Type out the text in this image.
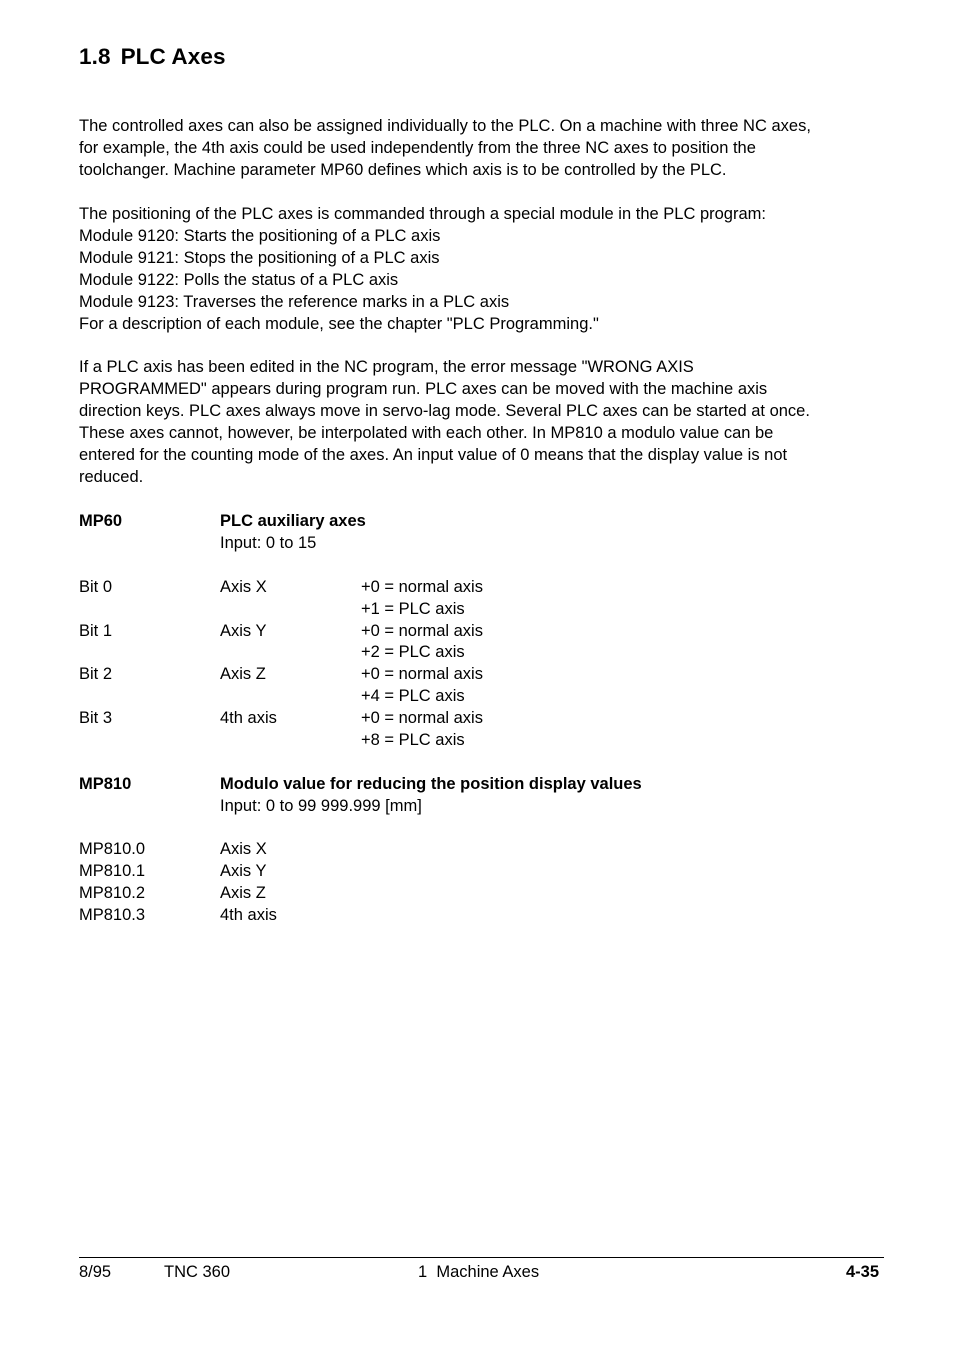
1.8 PLC Axes
The controlled axes can also be assigned individually to the PLC. On a machine with three NC axes,
for example, the 4th axis could be used independently from the three NC axes to position the
toolchanger. Machine parameter MP60 defines which axis is to be controlled by the PLC.
The positioning of the PLC axes is commanded through a special module in the PLC program:
Module 9120: Starts the positioning of a PLC axis
Module 9121: Stops the positioning of a PLC axis
Module 9122: Polls the status of a PLC axis
Module 9123: Traverses the reference marks in a PLC axis
For a description of each module, see the chapter "PLC Programming."
If a PLC axis has been edited in the NC program, the error message "WRONG AXIS
PROGRAMMED" appears during program run. PLC axes can be moved with the machine axis
direction keys. PLC axes always move in servo-lag mode. Several PLC axes can be started at once.
These axes cannot, however, be interpolated with each other. In MP810 a modulo value can be
entered for the counting mode of the axes. An input value of 0 means that the display value is not
reduced.
MP60	PLC auxiliary axes
Input: 0 to 15
Bit 0	Axis X	+0 = normal axis
+1 = PLC axis
Bit 1	Axis Y	+0 = normal axis
+2 = PLC axis
Bit 2	Axis Z	+0 = normal axis
+4 = PLC axis
Bit 3	4th axis	+0 = normal axis
+8 = PLC axis
MP810	Modulo value for reducing the position display values
Input: 0 to 99 999.999 [mm]
MP810.0	Axis X
MP810.1	Axis Y
MP810.2	Axis Z
MP810.3	4th axis
8/95	TNC 360	1  Machine Axes	4-35
